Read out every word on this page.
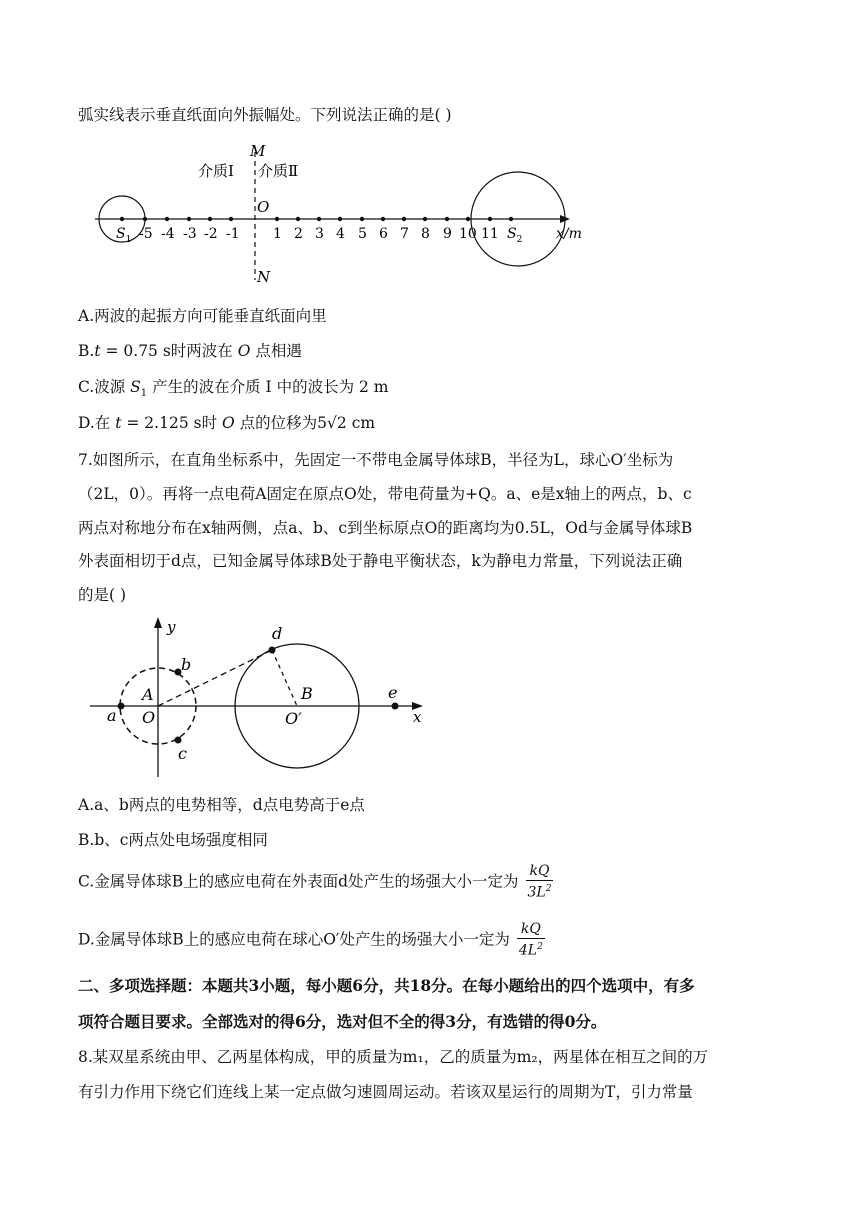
弧实线表示垂直纸面向外振幅处。下列说法正确的是( )
M
N
介质Ⅰ 介质Ⅱ
x/m
O
$S_1$ -5 -4 -3 -2 -1 1 2 3 4 5 6 7 8 9 10 11 $S_2$
A.两波的起振方向可能垂直纸面向里
B.t = 0.75 s时两波在 O 点相遇
C.波源 $S_1$ 产生的波在介质 I 中的波长为 2 m
D.在 t = 2.125 s时 O 点的位移为5√2 cm
7.如图所示，在直角坐标系中，先固定一不带电金属导体球B，半径为L，球心O′坐标为
（2L，0）。再将一点电荷A固定在原点O处，带电荷量为+Q。a、e是x轴上的两点，b、c
两点对称地分布在x轴两侧，点a、b、c到坐标原点O的距离均为0.5L，Od与金属导体球B
外表面相切于d点，已知金属导体球B处于静电平衡状态，k为静电力常量，下列说法正确
的是( )
y
x
a
A
O
b
c
d
B
O′
e
A.a、b两点的电势相等，d点电势高于e点
B.b、c两点处电场强度相同
C.金属导体球B上的感应电荷在外表面d处产生的场强大小一定为 $\frac{kQ}{3L^2}$
D.金属导体球B上的感应电荷在球心O′处产生的场强大小一定为 $\frac{kQ}{4L^2}$
二、多项选择题：本题共3小题，每小题6分，共18分。在每小题给出的四个选项中，有多
项符合题目要求。全部选对的得6分，选对但不全的得3分，有选错的得0分。
8.某双星系统由甲、乙两星体构成，甲的质量为m₁，乙的质量为m₂，两星体在相互之间的万
有引力作用下绕它们连线上某一定点做匀速圆周运动。若该双星运行的周期为T，引力常量
